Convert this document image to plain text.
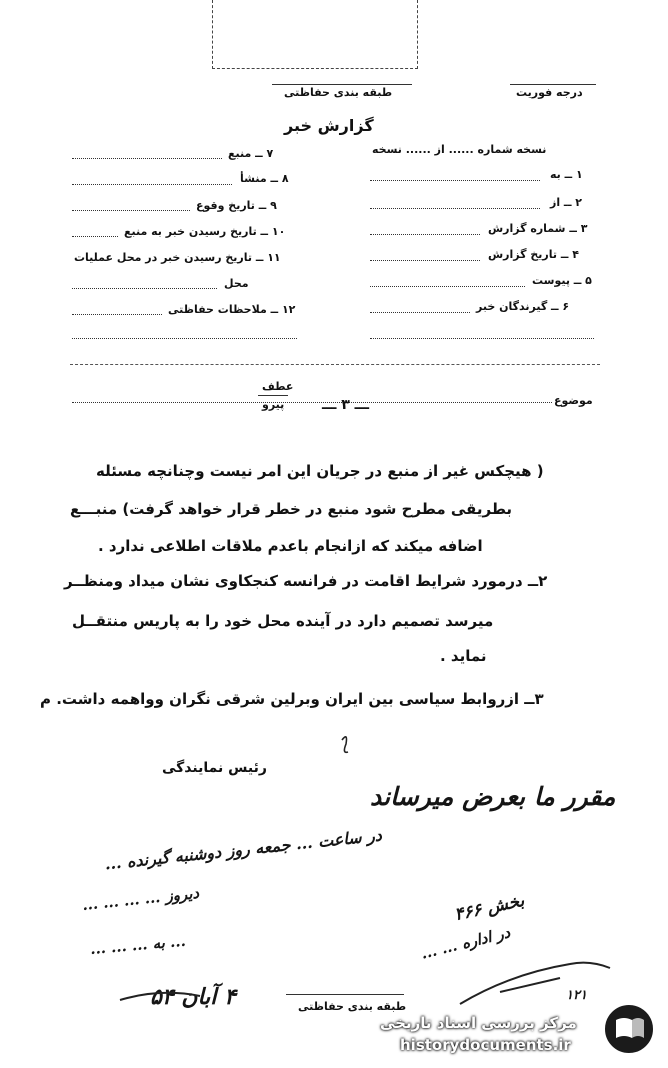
درجه فوریت
طبقه بندی حفاظتی
گزارش خبر
نسخه شماره ...... از ...... نسخه
۱ ــ به
۲ ــ از
۳ ــ شماره گزارش
۴ ــ تاریخ گزارش
۵ ــ پیوست
۶ ــ گیرندگان خبر
۷ ــ منبع
۸ ــ منشأ
۹ ــ تاریخ وقوع
۱۰ ــ تاریخ رسیدن خبر به منبع
۱۱ ــ تاریخ رسیدن خبر در محل عملیات
محل
۱۲ ــ ملاحظات حفاظتی
موضوع
عطف
پیرو	ـــ ۳ ـــ
( هیچکس غیر از منبع در جریان این امر نیست وچنانچه مسئله
بطریقی مطرح شود منبع در خطر قرار خواهد گرفت) منبـــع
اضافه میکند که ازانجام باعدم ملاقات اطلاعی ندارد .
۲ــ درمورد شرایط اقامت در فرانسه کنجکاوی نشان میداد ومنظــر
میرسد تصمیم دارد در آینده محل خود را به پاریس منتقــل
نماید .
۳ــ ازروابط سیاسی بین ایران وبرلین شرقی نگران وواهمه داشت. م
رئیس نمایندگی
مقرر ما بعرض میرساند
در ساعت ... جمعه روز دوشنبه گیرنده ...
دیروز ... ... ... ...
... به ... ... ...
بخش ۴۶۶
در اداره ... ...
۴ آبان ۵۴	۱۲۱
طبقه بندی حفاظتی
مرکز بررسی اسناد تاریخی
historydocuments.ir
